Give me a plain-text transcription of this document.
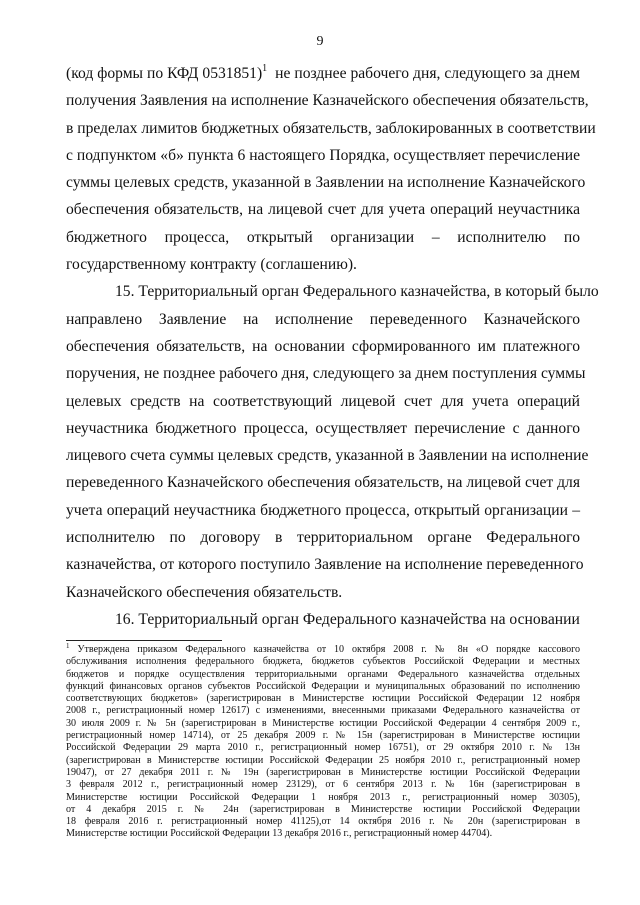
9
(код формы по КФД 0531851)$^1$  не позднее рабочего дня, следующего за днем
получения Заявления на исполнение Казначейского обеспечения обязательств,
в пределах лимитов бюджетных обязательств, заблокированных в соответствии
с подпунктом «б» пункта 6 настоящего Порядка, осуществляет перечисление
суммы целевых средств, указанной в Заявлении на исполнение Казначейского
обеспечения обязательств, на лицевой счет для учета операций неучастника
бюджетного процесса, открытый организации – исполнителю по
государственному контракту (соглашению).
15. Территориальный орган Федерального казначейства, в который было
направлено Заявление на исполнение переведенного Казначейского
обеспечения обязательств, на основании сформированного им платежного
поручения, не позднее рабочего дня, следующего за днем поступления суммы
целевых средств на соответствующий лицевой счет для учета операций
неучастника бюджетного процесса, осуществляет перечисление с данного
лицевого счета суммы целевых средств, указанной в Заявлении на исполнение
переведенного Казначейского обеспечения обязательств, на лицевой счет для
учета операций неучастника бюджетного процесса, открытый организации –
исполнителю по договору в территориальном органе Федерального
казначейства, от которого поступило Заявление на исполнение переведенного
Казначейского обеспечения обязательств.
16. Территориальный орган Федерального казначейства на основании
$^1$ Утверждена приказом Федерального казначейства от 10 октября 2008 г. № 8н «О порядке кассового
обслуживания исполнения федерального бюджета, бюджетов субъектов Российской Федерации и местных
бюджетов и порядке осуществления территориальными органами Федерального казначейства отдельных
функций финансовых органов субъектов Российской Федерации и муниципальных образований по исполнению
соответствующих бюджетов» (зарегистрирован в Министерстве юстиции Российской Федерации 12 ноября
2008 г., регистрационный номер 12617) с изменениями, внесенными приказами Федерального казначейства от
30 июля 2009 г. № 5н (зарегистрирован в Министерстве юстиции Российской Федерации 4 сентября 2009 г.,
регистрационный номер 14714), от 25 декабря 2009 г. № 15н (зарегистрирован в Министерстве юстиции
Российской Федерации 29 марта 2010 г., регистрационный номер 16751), от 29 октября 2010 г. № 13н
(зарегистрирован в Министерстве юстиции Российской Федерации 25 ноября 2010 г., регистрационный номер
19047), от 27 декабря 2011 г. № 19н (зарегистрирован в Министерстве юстиции Российской Федерации
3 февраля 2012 г., регистрационный номер 23129), от 6 сентября 2013 г. № 16н (зарегистрирован в
Министерстве юстиции Российской Федерации 1 ноября 2013 г., регистрационный номер 30305),
от 4 декабря 2015 г. № 24н (зарегистрирован в Министерстве юстиции Российской Федерации
18 февраля 2016 г. регистрационный номер 41125),от 14 октября 2016 г. № 20н (зарегистрирован в
Министерстве юстиции Российской Федерации 13 декабря 2016 г., регистрационный номер 44704).
